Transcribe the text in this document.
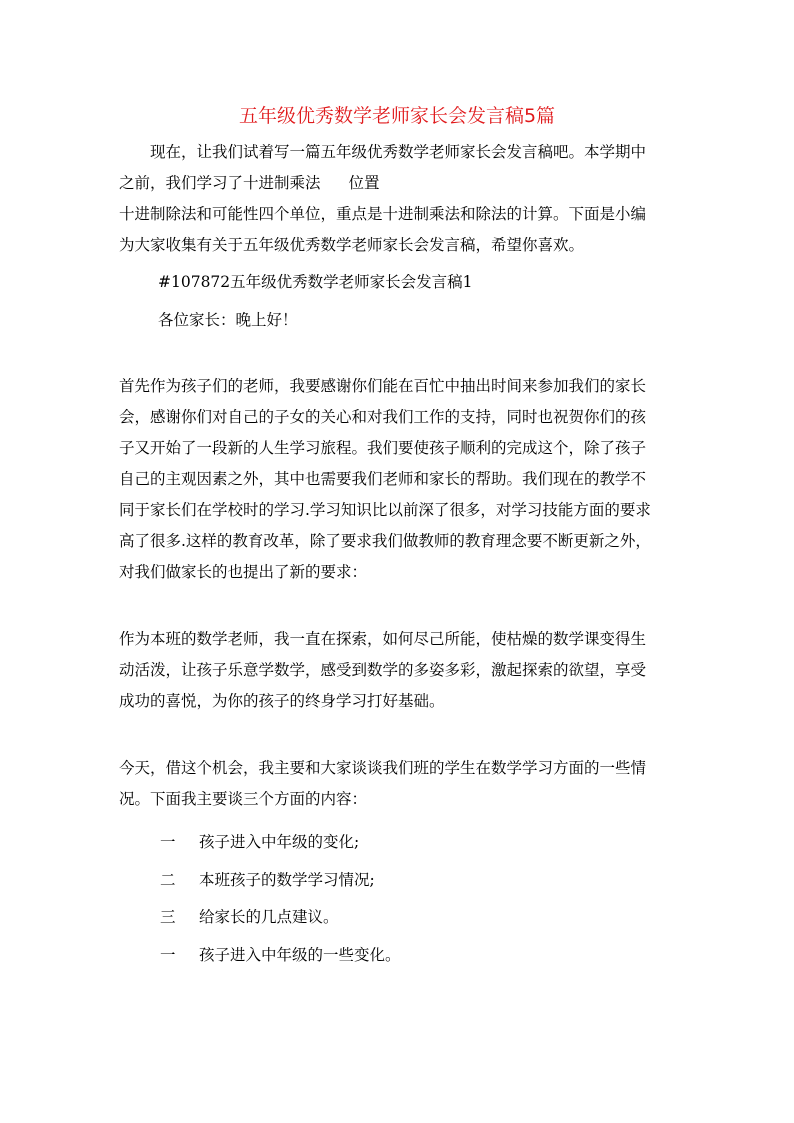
五年级优秀数学老师家长会发言稿5篇
现在，让我们试着写一篇五年级优秀数学老师家长会发言稿吧。本学期中
之前，我们学习了十进制乘法 位置
十进制除法和可能性四个单位，重点是十进制乘法和除法的计算。下面是小编
为大家收集有关于五年级优秀数学老师家长会发言稿，希望你喜欢。
#107872五年级优秀数学老师家长会发言稿1
各位家长：晚上好！
首先作为孩子们的老师，我要感谢你们能在百忙中抽出时间来参加我们的家长
会，感谢你们对自己的子女的关心和对我们工作的支持，同时也祝贺你们的孩
子又开始了一段新的人生学习旅程。我们要使孩子顺利的完成这个，除了孩子
自己的主观因素之外，其中也需要我们老师和家长的帮助。我们现在的教学不
同于家长们在学校时的学习.学习知识比以前深了很多，对学习技能方面的要求
高了很多.这样的教育改革，除了要求我们做教师的教育理念要不断更新之外，
对我们做家长的也提出了新的要求：
作为本班的数学老师，我一直在探索，如何尽己所能，使枯燥的数学课变得生
动活泼，让孩子乐意学数学，感受到数学的多姿多彩，激起探索的欲望，享受
成功的喜悦，为你的孩子的终身学习打好基础。
今天，借这个机会，我主要和大家谈谈我们班的学生在数学学习方面的一些情
况。下面我主要谈三个方面的内容：
一 孩子进入中年级的变化;
二 本班孩子的数学学习情况;
三 给家长的几点建议。
一 孩子进入中年级的一些变化。
